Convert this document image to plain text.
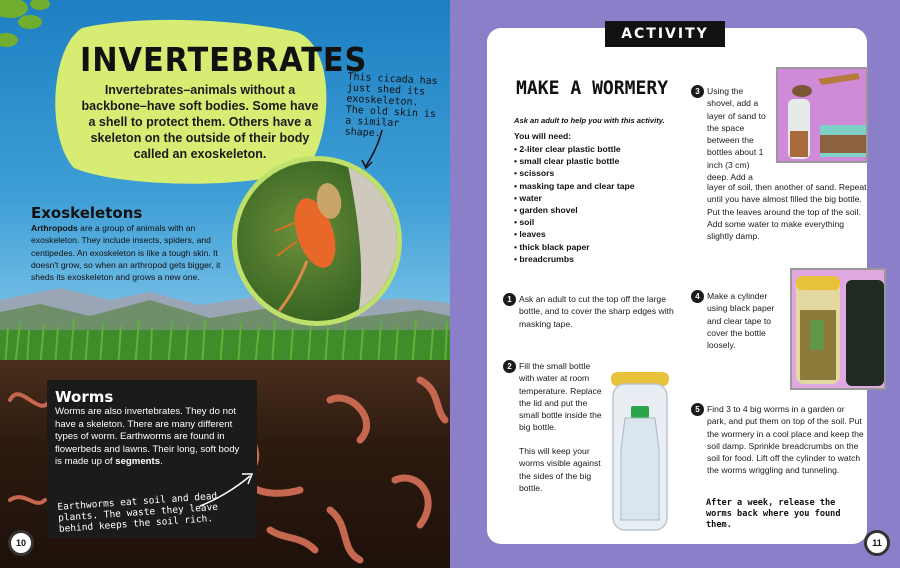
INVERTEBRATES
Invertebrates–animals without a backbone–have soft bodies. Some have a shell to protect them. Others have a skeleton on the outside of their body called an exoskeleton.
This cicada has just shed its exoskeleton. The old skin is a similar shape.
Exoskeletons
Arthropods are a group of animals with an exoskeleton. They include insects, spiders, and centipedes. An exoskeleton is like a tough skin. It doesn't grow, so when an arthropod gets bigger, it sheds its exoskeleton and grows a new one.
Worms
Worms are also invertebrates. They do not have a skeleton. There are many different types of worm. Earthworms are found in flowerbeds and lawns. Their long, soft body is made up of segments.
Earthworms eat soil and dead plants. The waste they leave behind keeps the soil rich.
10
ACTIVITY
MAKE A WORMERY
Ask an adult to help you with this activity.
You will need:
• 2-liter clear plastic bottle
• small clear plastic bottle
• scissors
• masking tape and clear tape
• water
• garden shovel
• soil
• leaves
• thick black paper
• breadcrumbs
1 Ask an adult to cut the top off the large bottle, and to cover the sharp edges with masking tape.
2 Fill the small bottle with water at room temperature. Replace the lid and put the small bottle inside the big bottle.
This will keep your worms visible against the sides of the big bottle.
3 Using the shovel, add a layer of sand to the space between the bottles about 1 inch (3 cm) deep. Add a
layer of soil, then another of sand. Repeat until you have almost filled the big bottle. Put the leaves around the top of the soil. Add some water to make everything slightly damp.
4 Make a cylinder using black paper and clear tape to cover the bottle loosely.
5 Find 3 to 4 big worms in a garden or park, and put them on top of the soil. Put the wormery in a cool place and keep the soil damp. Sprinkle breadcrumbs on the soil for food. Lift off the cylinder to watch the worms wriggling and tunneling.
After a week, release the worms back where you found them.
11
